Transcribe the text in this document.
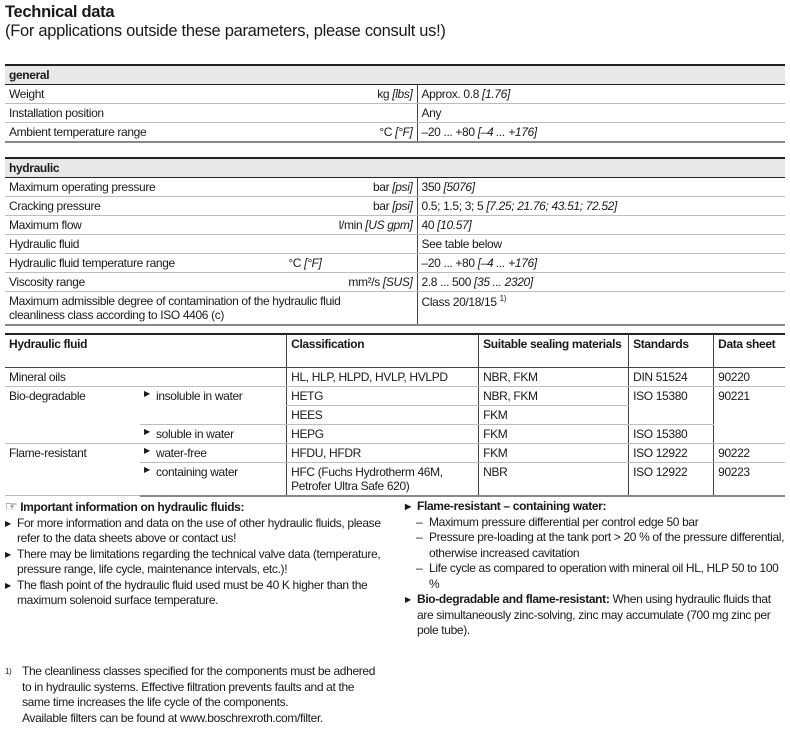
Technical data
(For applications outside these parameters, please consult us!)
general	
Weight kg [lbs]	Approx. 0.8 [1.76]
Installation position	Any
Ambient temperature range °C [°F]	–20 ... +80 [–4 ... +176]
hydraulic	
Maximum operating pressure bar [psi]	350 [5076]
Cracking pressure bar [psi]	0.5; 1.5; 3; 5 [7.25; 21.76; 43.51; 72.52]
Maximum flow l/min [US gpm]	40 [10.57]
Hydraulic fluid	See table below
Hydraulic fluid temperature range °C [°F]	–20 ... +80 [–4 ... +176]
Viscosity range mm²/s [SUS]	2.8 ... 500 [35 ... 2320]
Maximum admissible degree of contamination of the hydraulic fluid cleanliness class according to ISO 4406 (c)	Class 20/18/15 $^{1)}$
Hydraulic fluid		Classification	Suitable sealing materials	Standards	Data sheet
Mineral oils		HL, HLP, HLPD, HVLP, HVLPD	NBR, FKM	DIN 51524	90220
Bio-degradable	▶ insoluble in water	HETG	NBR, FKM	ISO 15380	90221
		HEES	FKM		
	▶ soluble in water	HEPG	FKM	ISO 15380	
Flame-resistant	▶ water-free	HFDU, HFDR	FKM	ISO 12922	90222
	▶ containing water	HFC (Fuchs Hydrotherm 46M, Petrofer Ultra Safe 620)	NBR	ISO 12922	90223
☞ Important information on hydraulic fluids:
▶ For more information and data on the use of other hydraulic fluids, please refer to the data sheets above or contact us!
▶ There may be limitations regarding the technical valve data (temperature, pressure range, life cycle, maintenance intervals, etc.)!
▶ The flash point of the hydraulic fluid used must be 40 K higher than the maximum solenoid surface temperature.
▶ Flame-resistant – containing water:
– Maximum pressure differential per control edge 50 bar
– Pressure pre-loading at the tank port > 20 % of the pressure differential, otherwise increased cavitation
– Life cycle as compared to operation with mineral oil HL, HLP 50 to 100 %
▶ Bio-degradable and flame-resistant: When using hydraulic fluids that are simultaneously zinc-solving, zinc may accumulate (700 mg zinc per pole tube).
1) The cleanliness classes specified for the components must be adhered to in hydraulic systems. Effective filtration prevents faults and at the same time increases the life cycle of the components.
Available filters can be found at www.boschrexroth.com/filter.
